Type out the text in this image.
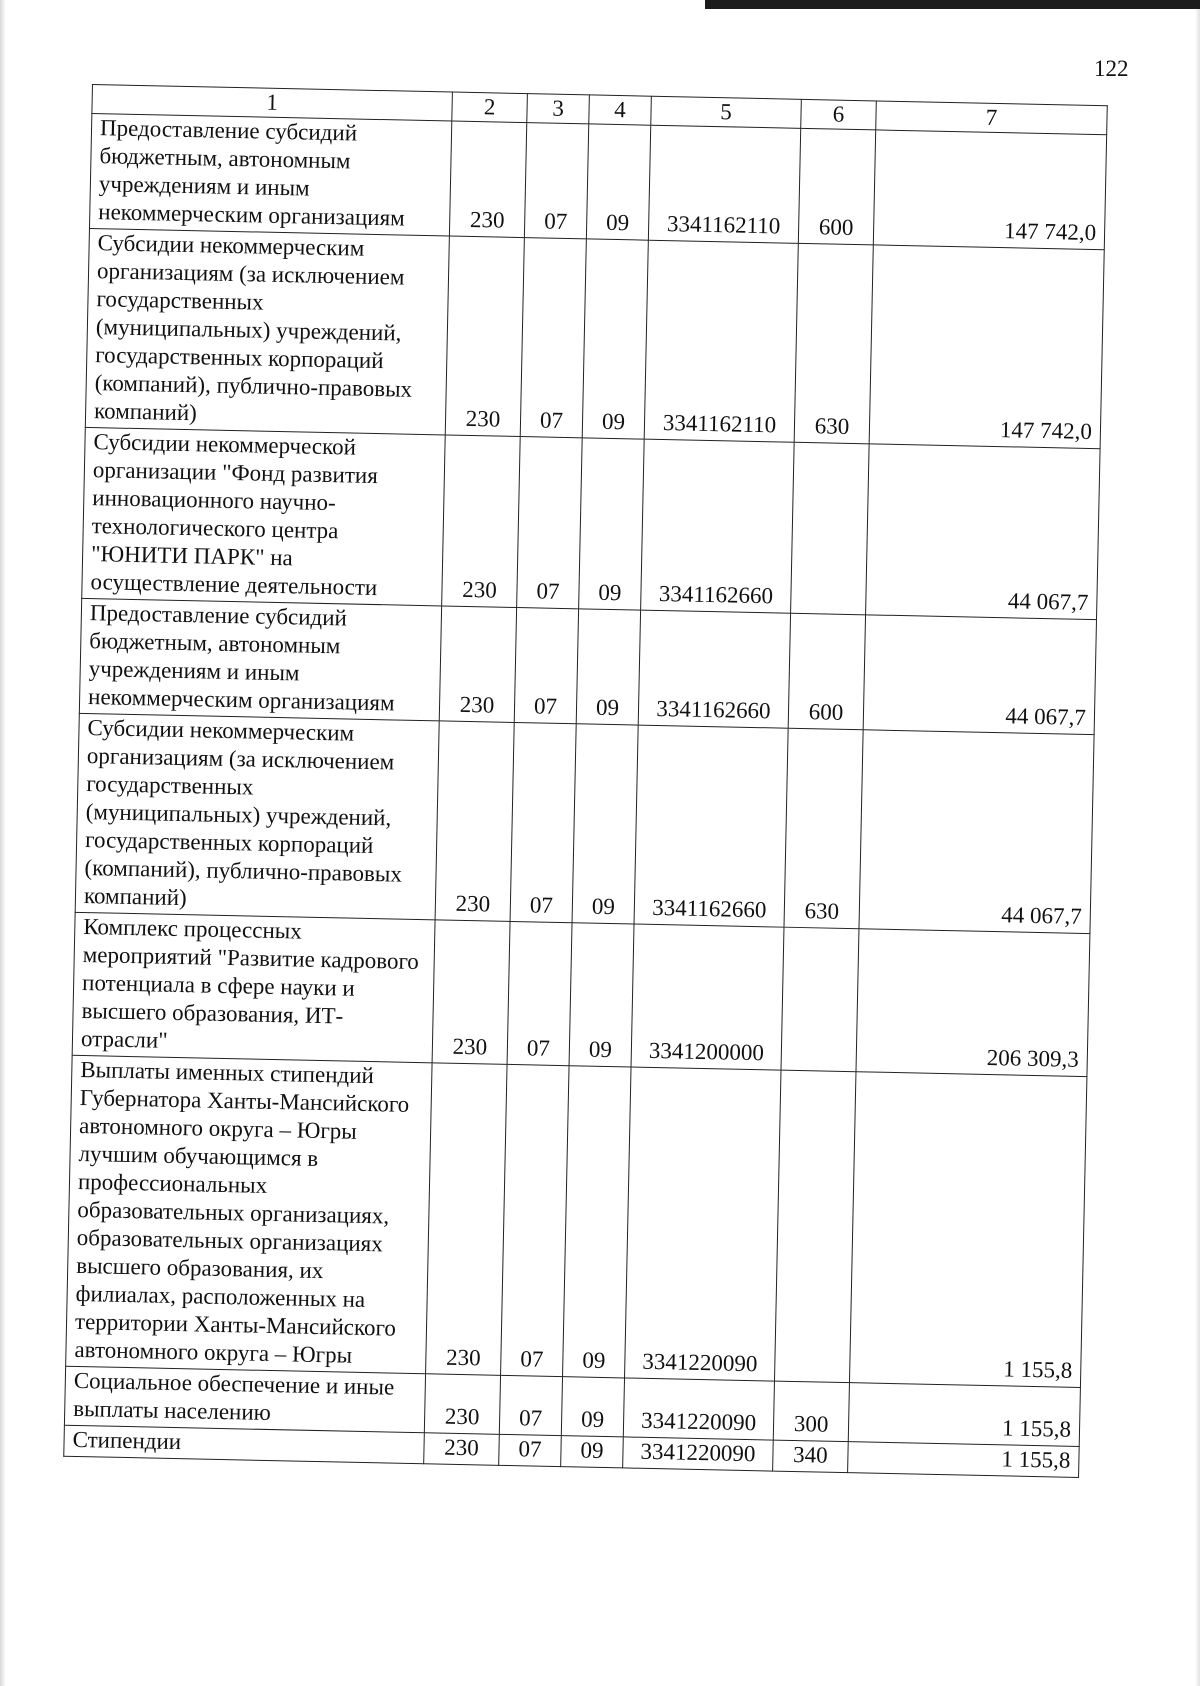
122
1	2	3	4	5	6	7
Предоставление субсидий бюджетным, автономным учреждениям и иным некоммерческим организациям	230	07	09	3341162110	600	147 742,0
Субсидии некоммерческим организациям (за исключением государственных (муниципальных) учреждений, государственных корпораций (компаний), публично-правовых компаний)	230	07	09	3341162110	630	147 742,0
Субсидии некоммерческой организации "Фонд развития инновационного научно-технологического центра "ЮНИТИ ПАРК" на осуществление деятельности	230	07	09	3341162660		44 067,7
Предоставление субсидий бюджетным, автономным учреждениям и иным некоммерческим организациям	230	07	09	3341162660	600	44 067,7
Субсидии некоммерческим организациям (за исключением государственных (муниципальных) учреждений, государственных корпораций (компаний), публично-правовых компаний)	230	07	09	3341162660	630	44 067,7
Комплекс процессных мероприятий "Развитие кадрового потенциала в сфере науки и высшего образования, ИТ-отрасли"	230	07	09	3341200000		206 309,3
Выплаты именных стипендий Губернатора Ханты-Мансийского автономного округа – Югры лучшим обучающимся в профессиональных образовательных организациях, образовательных организациях высшего образования, их филиалах, расположенных на территории Ханты-Мансийского автономного округа – Югры	230	07	09	3341220090		1 155,8
Социальное обеспечение и иные выплаты населению	230	07	09	3341220090	300	1 155,8
Стипендии	230	07	09	3341220090	340	1 155,8
